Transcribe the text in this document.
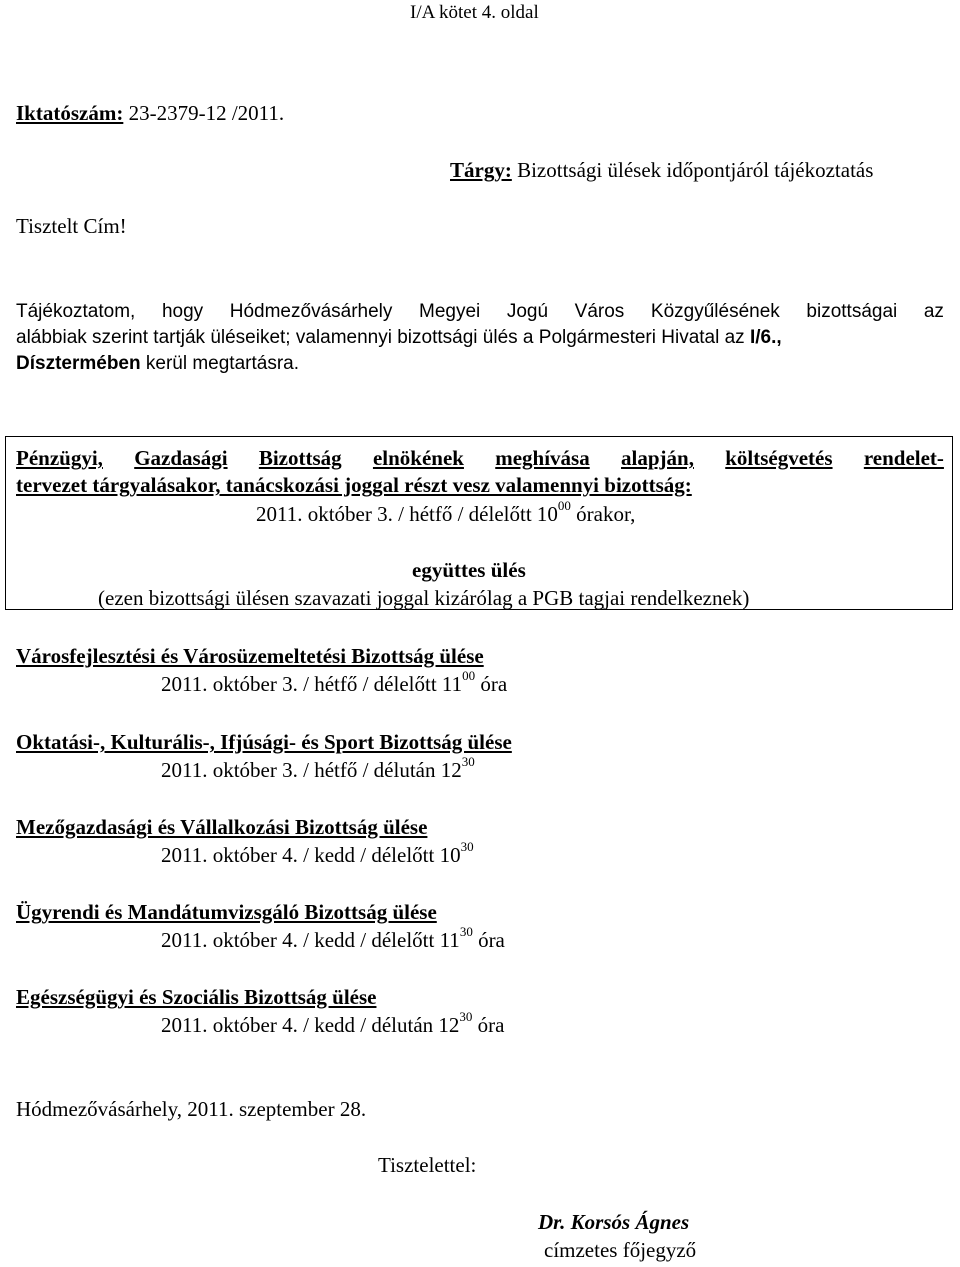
I/A kötet 4. oldal
Iktatószám: 23-2379-12 /2011.
Tárgy: Bizottsági ülések időpontjáról tájékoztatás
Tisztelt Cím!
Tájékoztatom, hogy Hódmezővásárhely Megyei Jogú Város Közgyűlésének bizottságai az
alábbiak szerint tartják üléseiket; valamennyi bizottsági ülés a Polgármesteri Hivatal az I/6.,
Dísztermében kerül megtartásra.
Pénzügyi, Gazdasági Bizottság elnökének meghívása alapján, költségvetés rendelet-
tervezet tárgyalásakor, tanácskozási joggal részt vesz valamennyi bizottság:
2011. október 3. / hétfő / délelőtt $10^{00}$ órakor,
együttes ülés
(ezen bizottsági ülésen szavazati joggal kizárólag a PGB tagjai rendelkeznek)
Városfejlesztési és Városüzemeltetési Bizottság ülése
2011. október 3. / hétfő / délelőtt $11^{00}$ óra
Oktatási-, Kulturális-, Ifjúsági- és Sport Bizottság ülése
2011. október 3. / hétfő / délután $12^{30}$
Mezőgazdasági és Vállalkozási Bizottság ülése
2011. október 4. / kedd / délelőtt $10^{30}$
Ügyrendi és Mandátumvizsgáló Bizottság ülése
2011. október 4. / kedd / délelőtt $11^{30}$ óra
Egészségügyi és Szociális Bizottság ülése
2011. október 4. / kedd / délután $12^{30}$ óra
Hódmezővásárhely, 2011. szeptember 28.
Tisztelettel:
Dr. Korsós Ágnes
címzetes főjegyző
